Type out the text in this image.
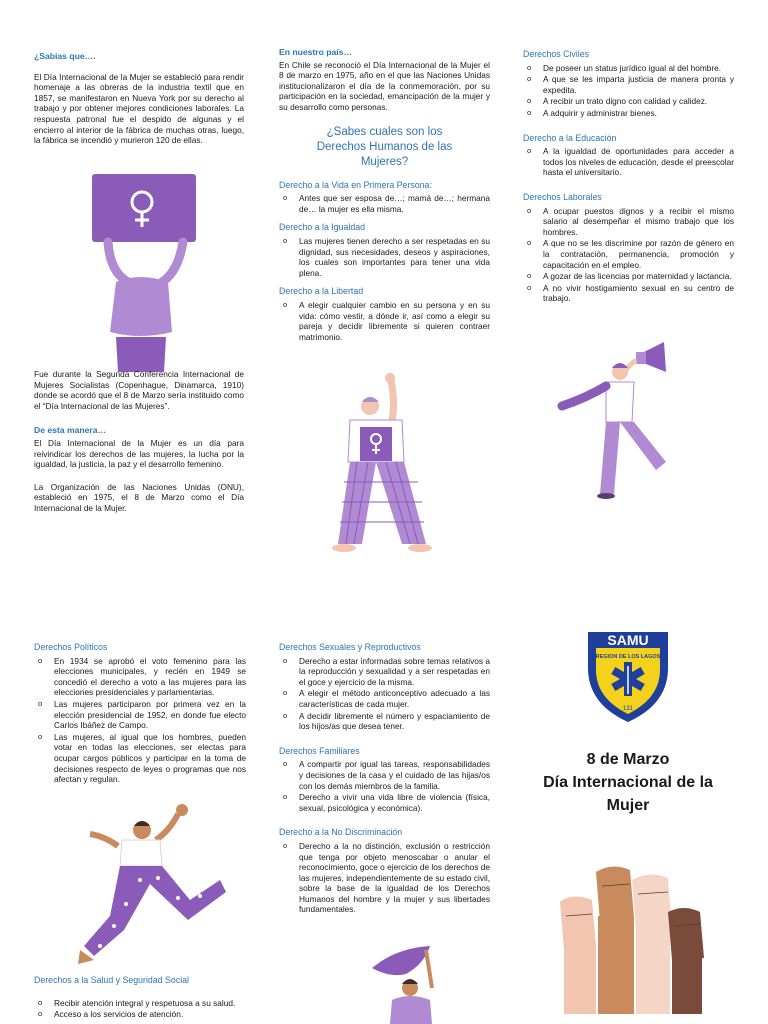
¿Sabias que….
El Día Internacional de la Mujer se estableció para rendir homenaje a las obreras de la industria textil que en 1857, se manifestaron en Nueva York por su derecho al trabajo y por obtener mejores condiciones laborales. La respuesta patronal fue el despido de algunas y el encierro al interior de la fábrica de muchas otras, luego, la fábrica se incendió y murieron 120 de ellas.
Fue durante la Segunda Conferencia Internacional de Mujeres Socialistas (Copenhague, Dinamarca, 1910) donde se acordó que el 8 de Marzo sería instituido como el “Día Internacional de las Mujeres”.
De esta manera…
El Día Internacional de la Mujer es un día para reivindicar los derechos de las mujeres, la lucha por la igualdad, la justicia, la paz y el desarrollo femenino.
La Organización de las Naciones Unidas (ONU), estableció en 1975, el 8 de Marzo como el Día Internacional de la Mujer.
En nuestro país…
En Chile se reconoció el Día Internacional de la Mujer el 8 de marzo en 1975, año en el que las Naciones Unidas institucionalizaron el día de la conmemoración, por su participación en la sociedad, emancipación de la mujer y su desarrollo como personas.
¿Sabes cuales son los Derechos Humanos de las Mujeres?
Derecho a la Vida en Primera Persona:
o Antes que ser esposa de…; mamá de…; hermana de… la mujer es ella misma.
Derecho a la Igualdad
o Las mujeres tienen derecho a ser respetadas en su dignidad, sus necesidades, deseos y aspiraciones, los cuales son importantes para tener una vida plena.
Derecho a la Libertad
o A elegir cualquier cambio en su persona y en su vida: cómo vestir, a dónde ir, así como a elegir su pareja y decidir libremente si quieren contraer matrimonio.
Derechos Civiles
o De poseer un status jurídico igual al del hombre.
o A que se les imparta justicia de manera pronta y expedita.
o A recibir un trato digno con calidad y calidez.
o A adquirir y administrar bienes.
Derecho a la Educación
o A la igualdad de oportunidades para acceder a todos los niveles de educación, desde el preescolar hasta el universitario.
Derechos Laborales
o A ocupar puestos dignos y a recibir el mismo salario al desempeñar el mismo trabajo que los hombres.
o A que no se les discrimine por razón de género en la contratación, permanencia, promoción y capacitación en el empleo.
o A gozar de las licencias por maternidad y lactancia.
o A no vivir hostigamiento sexual en su centro de trabajo.
Derechos Políticos
o En 1934 se aprobó el voto femenino para las elecciones municipales, y recién en 1949 se concedió el derecho a voto a las mujeres para las elecciones presidenciales y parlamentarias.
o Las mujeres participaron por primera vez en la elección presidencial de 1952, en donde fue electo Carlos Ibáñez de Campo.
o Las mujeres, al igual que los hombres, pueden votar en todas las elecciones, ser electas para ocupar cargos públicos y participar en la toma de decisiones respecto de leyes o programas que nos afectan y regulan.
Derechos a la Salud y Seguridad Social
o Recibir atención integral y respetuosa a su salud.
o Acceso a los servicios de atención.
Derechos Sexuales y Reproductivos
o Derecho a estar informadas sobre temas relativos a la reproducción y sexualidad y a ser respetadas en el goce y ejercicio de la misma.
o A elegir el método anticonceptivo adecuado a las características de cada mujer.
o A decidir libremente el número y espaciamiento de los hijos/as que desea tener.
Derechos Familiares
o A compartir por igual las tareas, responsabilidades y decisiones de la casa y el cuidado de las hijas/os con los demás miembros de la familia.
o Derecho a vivir una vida libre de violencia (física, sexual, psicológica y económica).
Derecho a la No Discriminación
o Derecho a la no distinción, exclusión o restricción que tenga por objeto menoscabar o anular el reconocimiento, goce o ejercicio de los derechos de las mujeres, independientemente de su estado civil, sobre la base de la igualdad de los Derechos Humanos del hombre y la mujer y sus libertades fundamentales.
SAMU
REGION DE LOS LAGOS
131
8 de Marzo
Día Internacional de la Mujer
